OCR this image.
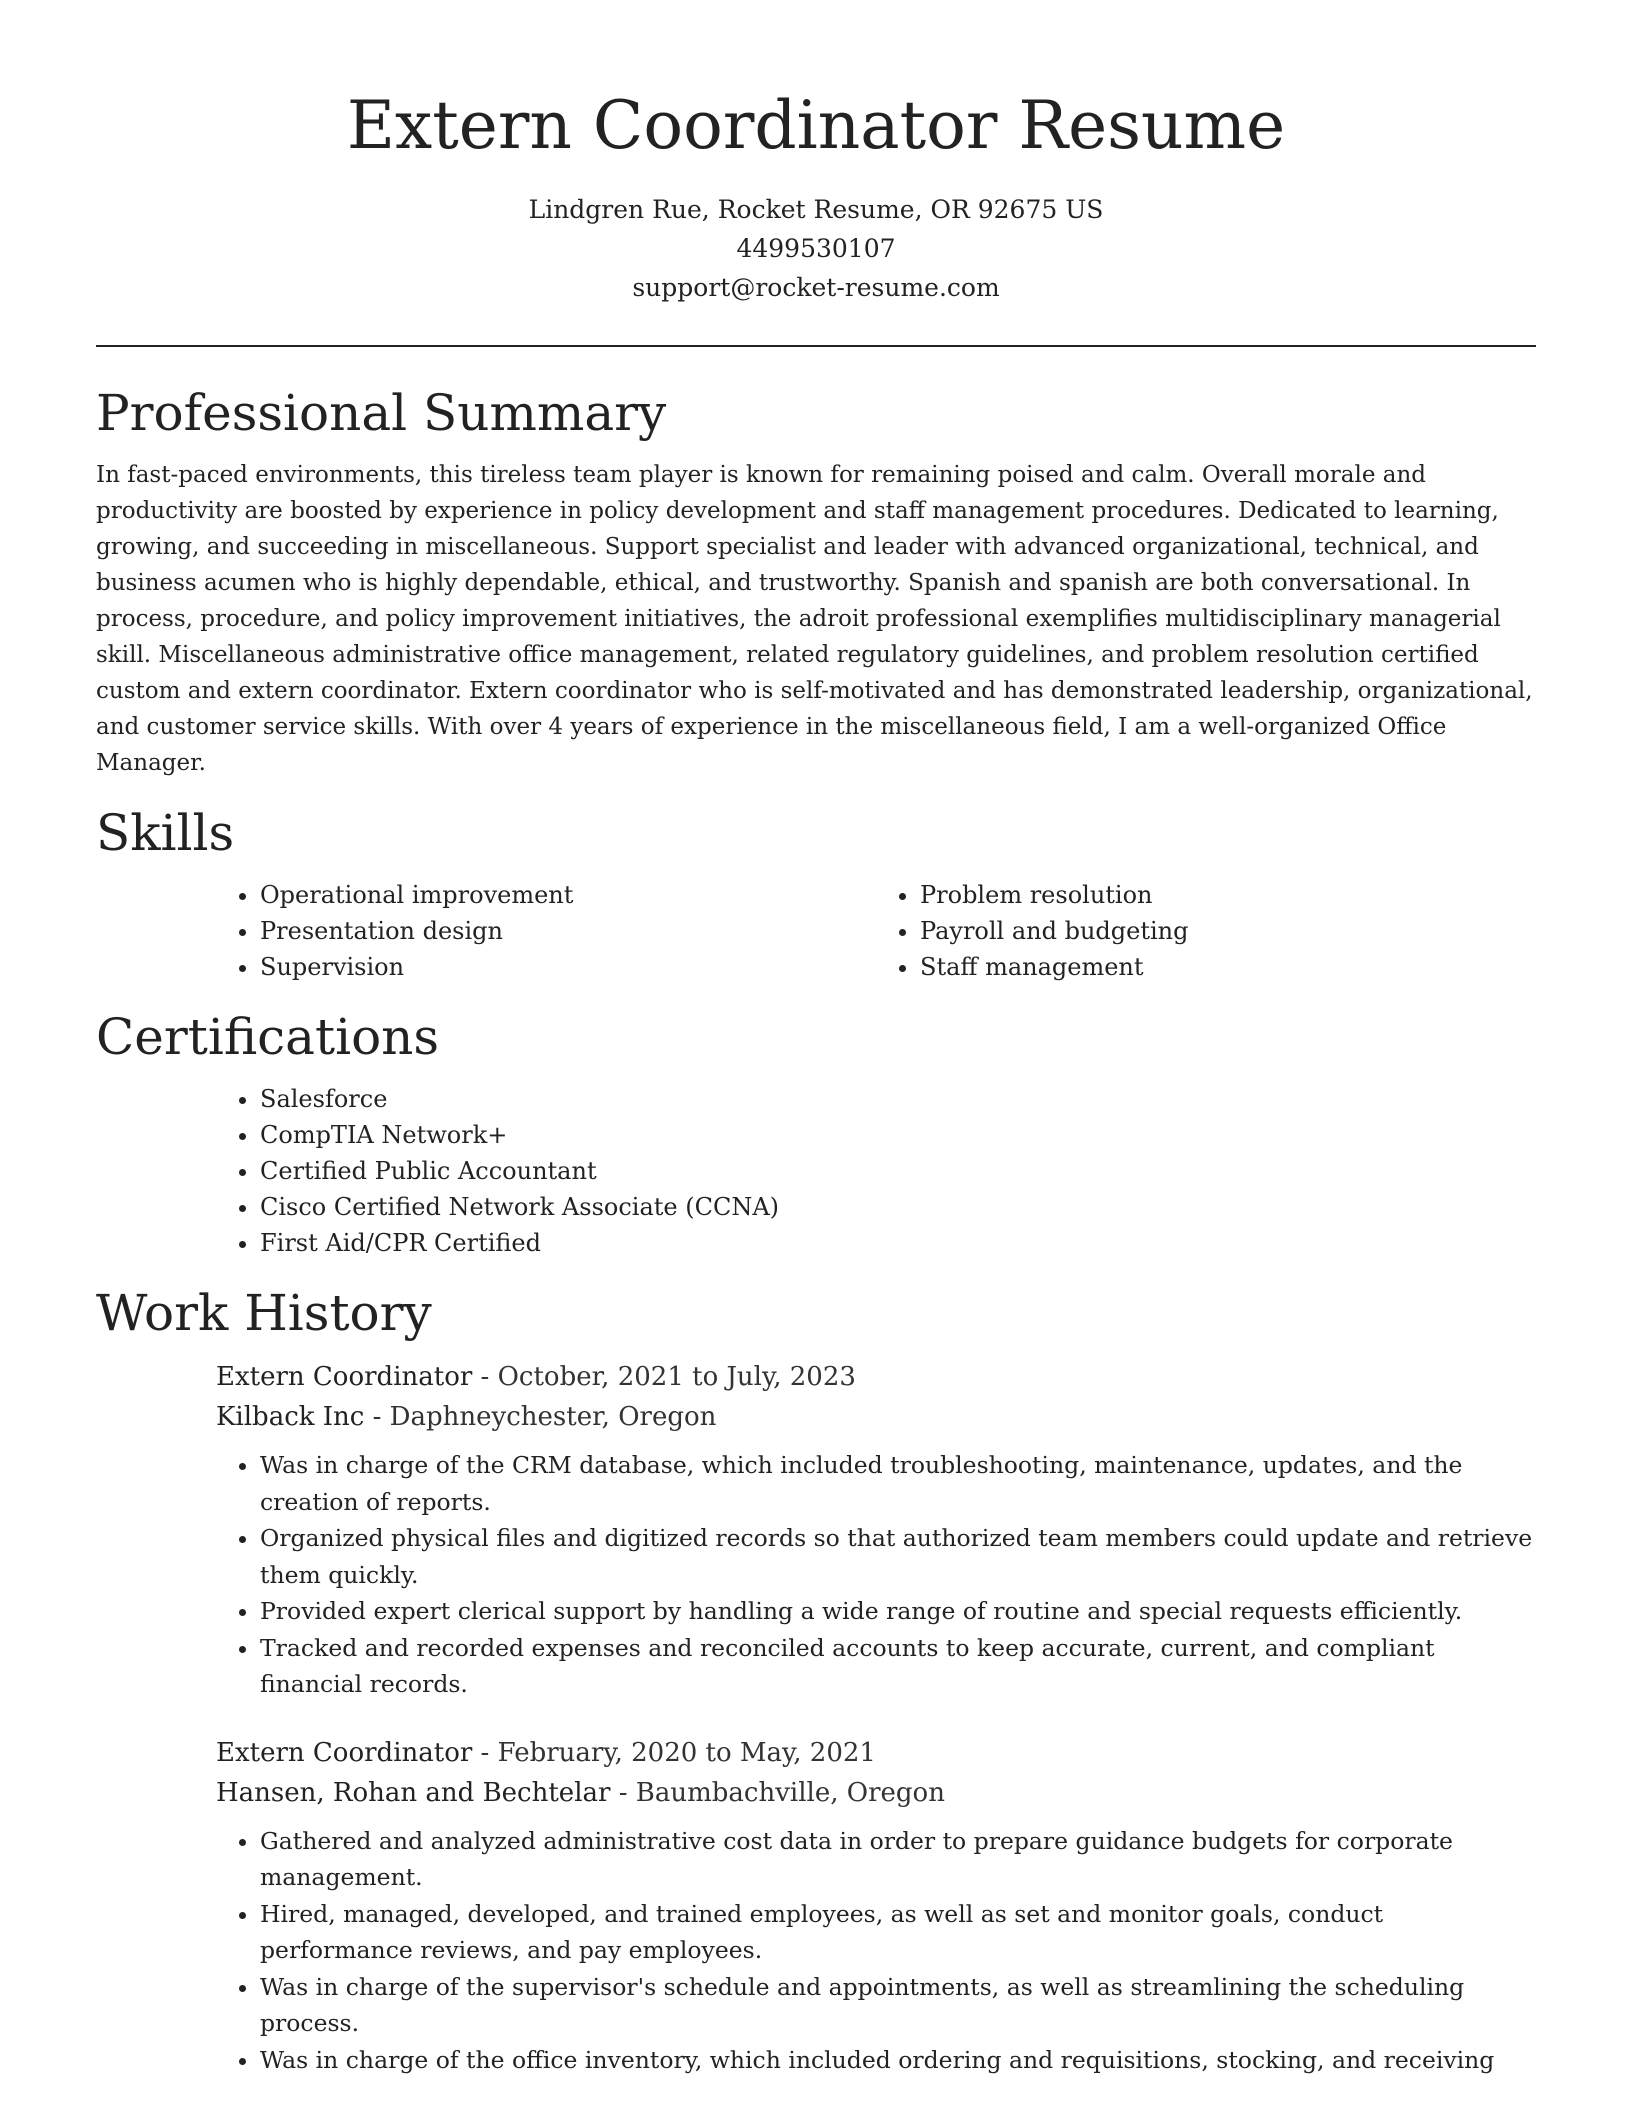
Extern Coordinator Resume
Lindgren Rue, Rocket Resume, OR 92675 US
4499530107
support@rocket-resume.com
Professional Summary

In fast-paced environments, this tireless team player is known for remaining poised and calm. Overall morale and productivity are boosted by experience in policy development and staff management procedures. Dedicated to learning, growing, and succeeding in miscellaneous. Support specialist and leader with advanced organizational, technical, and business acumen who is highly dependable, ethical, and trustworthy. Spanish and spanish are both conversational. In process, procedure, and policy improvement initiatives, the adroit professional exemplifies multidisciplinary managerial skill. Miscellaneous administrative office management, related regulatory guidelines, and problem resolution certified custom and extern coordinator. Extern coordinator who is self-motivated and has demonstrated leadership, organizational, and customer service skills. With over 4 years of experience in the miscellaneous field, I am a well-organized Office Manager.

Skills
• Operational improvement
• Presentation design
• Supervision
• Problem resolution
• Payroll and budgeting
• Staff management
Certifications
• Salesforce
• CompTIA Network+
• Certified Public Accountant
• Cisco Certified Network Associate (CCNA)
• First Aid/CPR Certified
Work History
Extern Coordinator - October, 2021 to July, 2023
Kilback Inc - Daphneychester, Oregon
• Was in charge of the CRM database, which included troubleshooting, maintenance, updates, and the creation of reports.
• Organized physical files and digitized records so that authorized team members could update and retrieve them quickly.
• Provided expert clerical support by handling a wide range of routine and special requests efficiently.
• Tracked and recorded expenses and reconciled accounts to keep accurate, current, and compliant financial records.
Extern Coordinator - February, 2020 to May, 2021
Hansen, Rohan and Bechtelar - Baumbachville, Oregon
• Gathered and analyzed administrative cost data in order to prepare guidance budgets for corporate management.
• Hired, managed, developed, and trained employees, as well as set and monitor goals, conduct performance reviews, and pay employees.
• Was in charge of the supervisor's schedule and appointments, as well as streamlining the scheduling process.
• Was in charge of the office inventory, which included ordering and requisitions, stocking, and receiving
